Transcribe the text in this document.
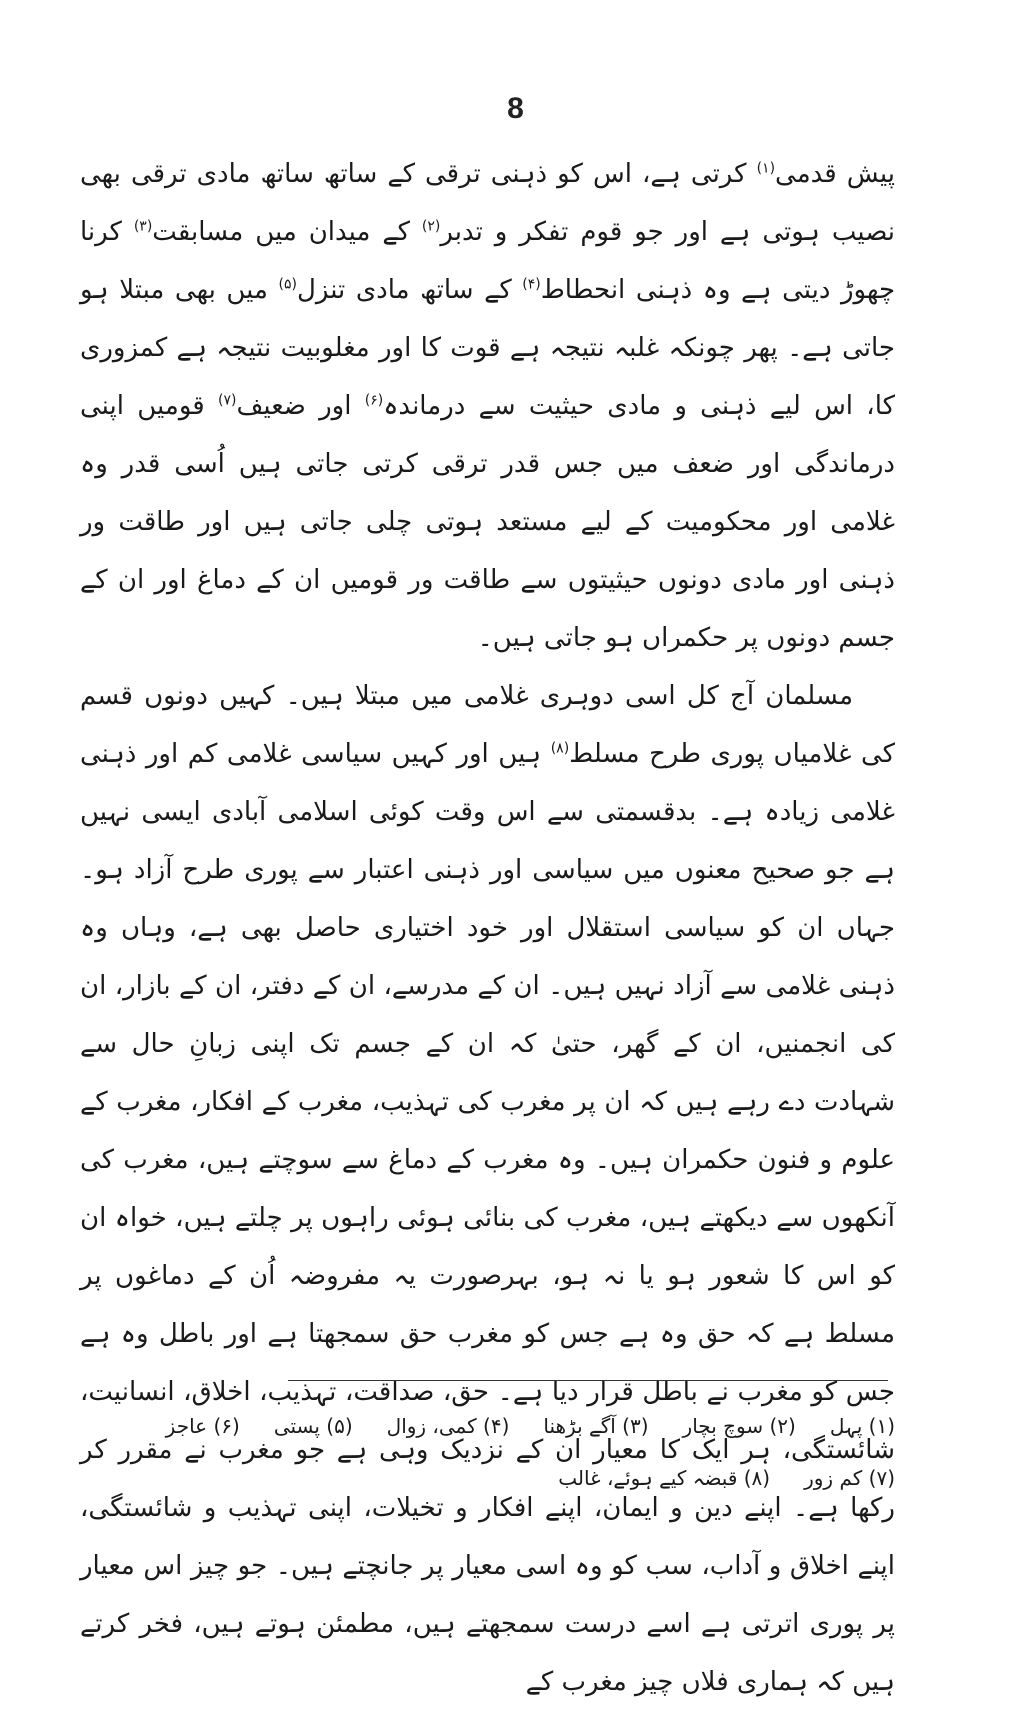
8

پیش قدمی$^{(۱)}$ کرتی ہے، اس کو ذہنی ترقی کے ساتھ ساتھ مادی ترقی بھی نصیب ہوتی ہے اور جو قوم تفکر و تدبر$^{(۲)}$ کے میدان میں مسابقت$^{(۳)}$ کرنا چھوڑ دیتی ہے وہ ذہنی انحطاط$^{(۴)}$ کے ساتھ مادی تنزل$^{(۵)}$ میں بھی مبتلا ہو جاتی ہے۔ پھر چونکہ غلبہ نتیجہ ہے قوت کا اور مغلوبیت نتیجہ ہے کمزوری کا، اس لیے ذہنی و مادی حیثیت سے درماندہ$^{(۶)}$ اور ضعیف$^{(۷)}$ قومیں اپنی درماندگی اور ضعف میں جس قدر ترقی کرتی جاتی ہیں اُسی قدر وہ غلامی اور محکومیت کے لیے مستعد ہوتی چلی جاتی ہیں اور طاقت ور ذہنی اور مادی دونوں حیثیتوں سے طاقت ور قومیں ان کے دماغ اور ان کے جسم دونوں پر حکمراں ہو جاتی ہیں۔

مسلمان آج کل اسی دوہری غلامی میں مبتلا ہیں۔ کہیں دونوں قسم کی غلامیاں پوری طرح مسلط$^{(۸)}$ ہیں اور کہیں سیاسی غلامی کم اور ذہنی غلامی زیادہ ہے۔ بدقسمتی سے اس وقت کوئی اسلامی آبادی ایسی نہیں ہے جو صحیح معنوں میں سیاسی اور ذہنی اعتبار سے پوری طرح آزاد ہو۔ جہاں ان کو سیاسی استقلال اور خود اختیاری حاصل بھی ہے، وہاں وہ ذہنی غلامی سے آزاد نہیں ہیں۔ ان کے مدرسے، ان کے دفتر، ان کے بازار، ان کی انجمنیں، ان کے گھر، حتیٰ کہ ان کے جسم تک اپنی زبانِ حال سے شہادت دے رہے ہیں کہ ان پر مغرب کی تہذیب، مغرب کے افکار، مغرب کے علوم و فنون حکمران ہیں۔ وہ مغرب کے دماغ سے سوچتے ہیں، مغرب کی آنکھوں سے دیکھتے ہیں، مغرب کی بنائی ہوئی راہوں پر چلتے ہیں، خواہ ان کو اس کا شعور ہو یا نہ ہو، بہرصورت یہ مفروضہ اُن کے دماغوں پر مسلط ہے کہ حق وہ ہے جس کو مغرب حق سمجھتا ہے اور باطل وہ ہے جس کو مغرب نے باطل قرار دیا ہے۔ حق، صداقت، تہذیب، اخلاق، انسانیت، شائستگی، ہر ایک کا معیار ان کے نزدیک وہی ہے جو مغرب نے مقرر کر رکھا ہے۔ اپنے دین و ایمان، اپنے افکار و تخیلات، اپنی تہذیب و شائستگی، اپنے اخلاق و آداب، سب کو وہ اسی معیار پر جانچتے ہیں۔ جو چیز اس معیار پر پوری اترتی ہے اسے درست سمجھتے ہیں، مطمئن ہوتے ہیں، فخر کرتے ہیں کہ ہماری فلاں چیز مغرب کے

(۱) پہل
(۲) سوچ بچار
(۳) آگے بڑھنا
(۴) کمی، زوال
(۵) پستی
(۶) عاجز
(۷) کم زور
(۸) قبضہ کیے ہوئے، غالب
